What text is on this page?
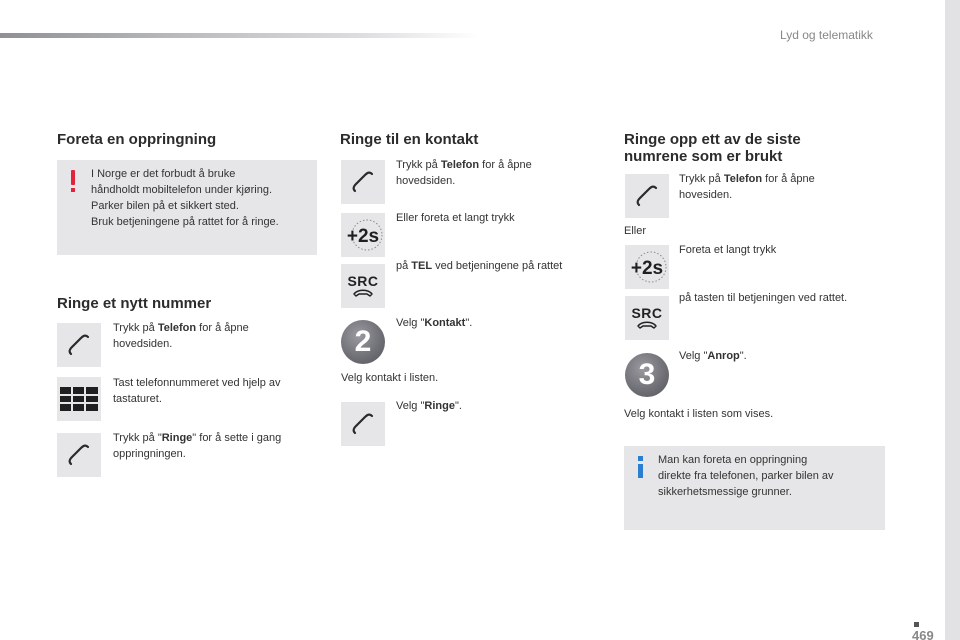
Lyd og telematikk
Foreta en oppringning
I Norge er det forbudt å bruke
håndholdt mobiltelefon under kjøring.
Parker bilen på et sikkert sted.
Bruk betjeningene på rattet for å ringe.
Ringe et nytt nummer
Trykk på Telefon for å åpne
hovedsiden.
Tast telefonnummeret ved hjelp av
tastaturet.
Trykk på "Ringe" for å sette i gang
oppringningen.
Ringe til en kontakt
Trykk på Telefon for å åpne
hovedsiden.
+2s
Eller foreta et langt trykk
SRC
på TEL ved betjeningene på rattet
2
Velg "Kontakt".
Velg kontakt i listen.
Velg "Ringe".
Ringe opp ett av de siste
numrene som er brukt
Trykk på Telefon for å åpne
hovesiden.
Eller
+2s
Foreta et langt trykk
SRC
på tasten til betjeningen ved rattet.
3
Velg "Anrop".
Velg kontakt i listen som vises.
Man kan foreta en oppringning
direkte fra telefonen, parker bilen av
sikkerhetsmessige grunner.
469
